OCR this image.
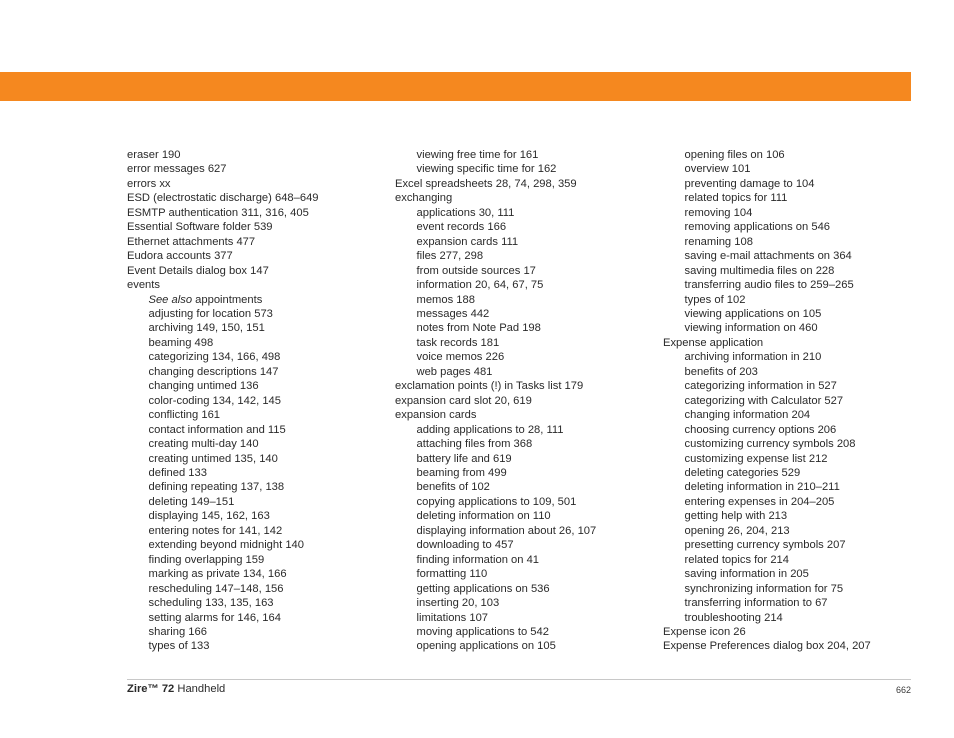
eraser 190
error messages 627
errors xx
ESD (electrostatic discharge) 648–649
ESMTP authentication 311, 316, 405
Essential Software folder 539
Ethernet attachments 477
Eudora accounts 377
Event Details dialog box 147
events
See also appointments
adjusting for location 573
archiving 149, 150, 151
beaming 498
categorizing 134, 166, 498
changing descriptions 147
changing untimed 136
color-coding 134, 142, 145
conflicting 161
contact information and 115
creating multi-day 140
creating untimed 135, 140
defined 133
defining repeating 137, 138
deleting 149–151
displaying 145, 162, 163
entering notes for 141, 142
extending beyond midnight 140
finding overlapping 159
marking as private 134, 166
rescheduling 147–148, 156
scheduling 133, 135, 163
setting alarms for 146, 164
sharing 166
types of 133
viewing free time for 161
viewing specific time for 162
Excel spreadsheets 28, 74, 298, 359
exchanging
applications 30, 111
event records 166
expansion cards 111
files 277, 298
from outside sources 17
information 20, 64, 67, 75
memos 188
messages 442
notes from Note Pad 198
task records 181
voice memos 226
web pages 481
exclamation points (!) in Tasks list 179
expansion card slot 20, 619
expansion cards
adding applications to 28, 111
attaching files from 368
battery life and 619
beaming from 499
benefits of 102
copying applications to 109, 501
deleting information on 110
displaying information about 26, 107
downloading to 457
finding information on 41
formatting 110
getting applications on 536
inserting 20, 103
limitations 107
moving applications to 542
opening applications on 105
opening files on 106
overview 101
preventing damage to 104
related topics for 111
removing 104
removing applications on 546
renaming 108
saving e-mail attachments on 364
saving multimedia files on 228
transferring audio files to 259–265
types of 102
viewing applications on 105
viewing information on 460
Expense application
archiving information in 210
benefits of 203
categorizing information in 527
categorizing with Calculator 527
changing information 204
choosing currency options 206
customizing currency symbols 208
customizing expense list 212
deleting categories 529
deleting information in 210–211
entering expenses in 204–205
getting help with 213
opening 26, 204, 213
presetting currency symbols 207
related topics for 214
saving information in 205
synchronizing information for 75
transferring information to 67
troubleshooting 214
Expense icon 26
Expense Preferences dialog box 204, 207
Zire™ 72 Handheld	662
